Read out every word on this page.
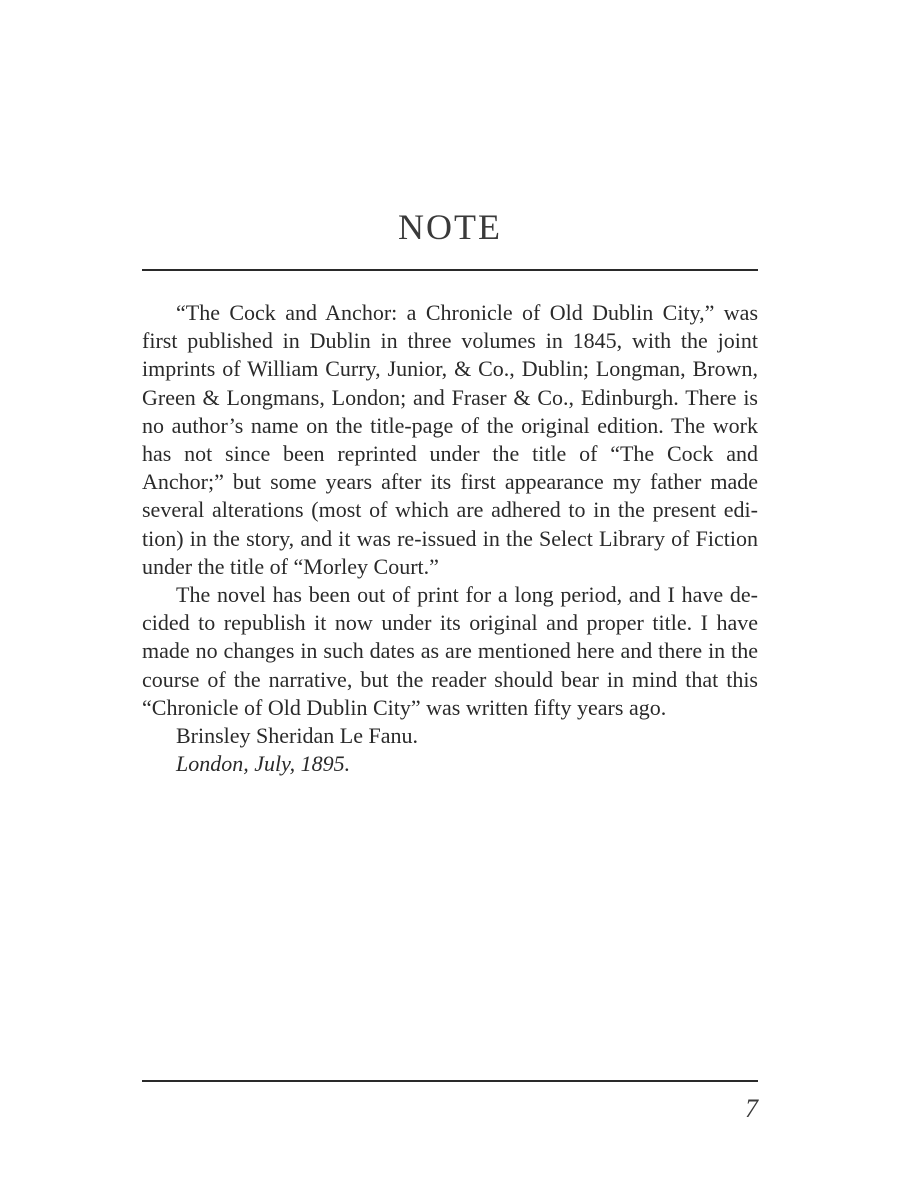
NOTE

“The Cock and Anchor: a Chronicle of Old Dublin City,” was first published in Dublin in three volumes in 1845, with the joint imprints of William Curry, Junior, & Co., Dublin; Longman, Brown, Green & Longmans, London; and Fraser & Co., Edinburgh. There is no author’s name on the title-page of the original edition. The work has not since been reprinted under the title of “The Cock and Anchor;” but some years after its first appearance my father made several alterations (most of which are adhered to in the present edition) in the story, and it was re-issued in the Select Library of Fiction under the title of “Morley Court.”

The novel has been out of print for a long period, and I have decided to republish it now under its original and proper title. I have made no changes in such dates as are mentioned here and there in the course of the narrative, but the reader should bear in mind that this “Chronicle of Old Dublin City” was written fifty years ago.

Brinsley Sheridan Le Fanu.
London, July, 1895.
7
